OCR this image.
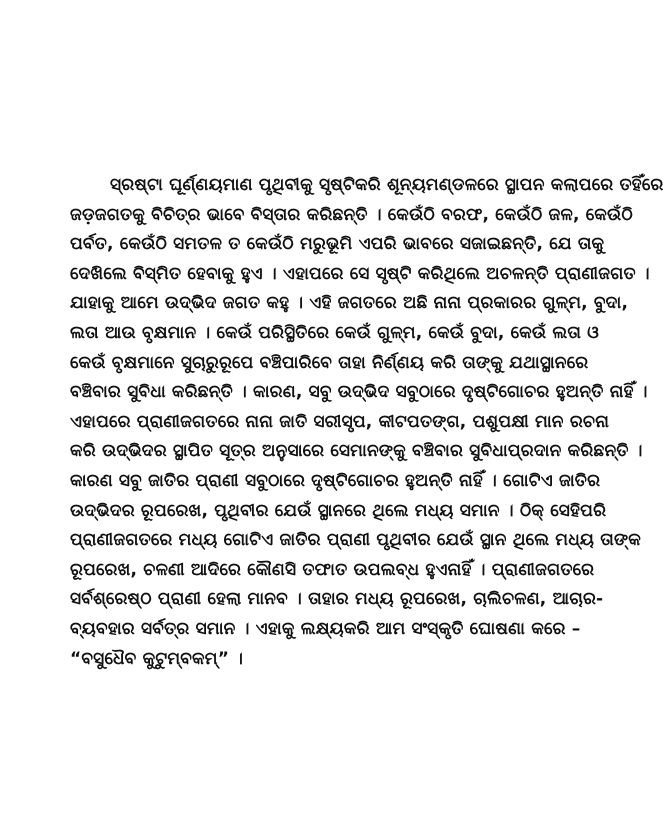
ସ୍ରଷ୍ଟା ଘୂର୍ଣ୍ଣୟମାଣ ପୃଥିବୀକୁ ସୃଷ୍ଟିକରି ଶୂନ୍ୟମଣ୍ଡଳରେ ସ୍ଥାପନ କଲାପରେ ତହିଁରେ
ଜଡ଼ଜଗତକୁ ବିଚିତ୍ର ଭାବେ ବିସ୍ତାର କରିଛନ୍ତି । କେଉଁଠି ବରଫ, କେଉଁଠି ଜଳ, କେଉଁଠି
ପର୍ବତ, କେଉଁଠି ସମତଳ ତ କେଉଁଠି ମରୁଭୂମି ଏପରି ଭାବରେ ସଜାଇଛନ୍ତି, ଯେ ତାକୁ
ଦେଖିଲେ ବିସ୍ମିତ ହେବାକୁ ହୁଏ । ଏହାପରେ ସେ ସୃଷ୍ଟି କରିଥିଲେ ଅଚଳନ୍ତି ପ୍ରାଣୀଜଗତ ।
ଯାହାକୁ ଆମେ ଉଦ୍ଭିଦ ଜଗତ କହୁ । ଏହି ଜଗତରେ ଅଛି ନାନା ପ୍ରକାରର ଗୁଳ୍ମ, ବୁଦା,
ଲତା ଆଉ ବୃକ୍ଷମାନ । କେଉଁ ପରିସ୍ଥିତିରେ କେଉଁ ଗୁଳ୍ମ, କେଉଁ ବୁଦା, କେଉଁ ଲତା ଓ
କେଉଁ ବୃକ୍ଷମାନେ ସୁଚାରୁରୂପେ ବଞ୍ଚିପାରିବେ ତାହା ନିର୍ଣ୍ଣୟ କରି ତାଙ୍କୁ ଯଥାସ୍ଥାନରେ
ବଞ୍ଚିବାର ସୁବିଧା କରିଛନ୍ତି । କାରଣ, ସବୁ ଉଦ୍ଭିଦ ସବୁଠାରେ ଦୃଷ୍ଟିଗୋଚର ହୁଅନ୍ତି ନାହିଁ ।
ଏହାପରେ ପ୍ରାଣୀଜଗତରେ ନାନା ଜାତି ସରୀସୃପ, କୀଟପତଙ୍ଗ, ପଶୁପକ୍ଷୀ ମାନ ରଚନା
କରି ଉଦ୍ଭିଦର ସ୍ଥାପିତ ସୂତ୍ର ଅନୁସାରେ ସେମାନଙ୍କୁ ବଞ୍ଚିବାର ସୁବିଧାପ୍ରଦାନ କରିଛନ୍ତି ।
କାରଣ ସବୁ ଜାତିର ପ୍ରାଣୀ ସବୁଠାରେ ଦୃଷ୍ଟିଗୋଚର ହୁଅନ୍ତି ନାହିଁ । ଗୋଟିଏ ଜାତିର
ଉଦ୍ଭିଦର ରୂପରେଖ, ପୃଥିବୀର ଯେଉଁ ସ୍ଥାନରେ ଥିଲେ ମଧ୍ୟ ସମାନ । ଠିକ୍ ସେହିପରି
ପ୍ରାଣୀଜଗତରେ ମଧ୍ୟ ଗୋଟିଏ ଜାତିର ପ୍ରାଣୀ ପୃଥିବୀର ଯେଉଁ ସ୍ଥାନ ଥିଲେ ମଧ୍ୟ ତାଙ୍କ
ରୂପରେଖ, ଚଳଣୀ ଆଦିରେ କୌଣସି ତଫାତ ଉପଲବ୍ଧ ହୁଏନାହିଁ । ପ୍ରାଣୀଜଗତରେ
ସର୍ବଶ୍ରେଷ୍ଠ ପ୍ରାଣୀ ହେଲା ମାନବ । ତାହାର ମଧ୍ୟ ରୂପରେଖ, ଚାଲିଚଳଣ, ଆଚାର-
ବ୍ୟବହାର ସର୍ବତ୍ର ସମାନ । ଏହାକୁ ଲକ୍ଷ୍ୟକରି ଆମ ସଂସ୍କୃତି ଘୋଷଣା କରେ –
“ବସୁଧୈବ କୁଟୁମ୍ବକମ୍” ।
